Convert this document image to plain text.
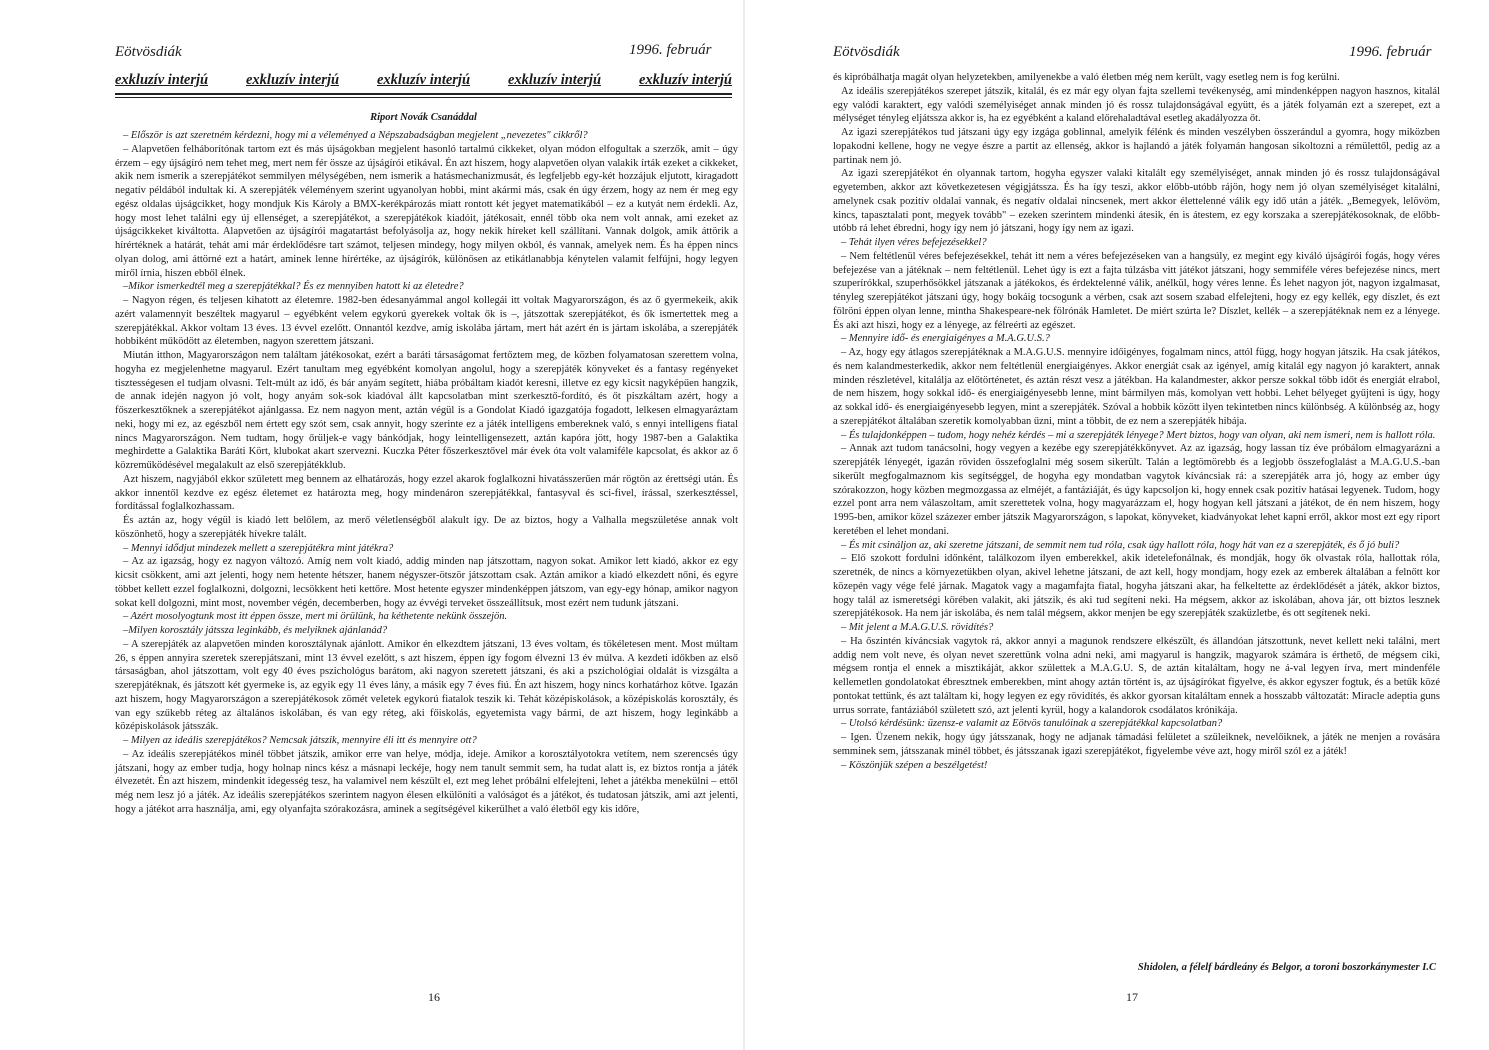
Eötvösdiák	1996. február
exkluzív interjú	exkluzív interjú	exkluzív interjú	exkluzív interjú	exkluzív interjú
Riport Novák Csanáddal

– Először is azt szeretném kérdezni, hogy mi a véleményed a Népszabadságban megjelent „nevezetes" cikkről?

– Alapvetően felháborítónak tartom ezt és más újságokban megjelent hasonló tartalmú cikkeket, olyan módon elfogultak a szerzők, amit – úgy érzem – egy újságíró nem tehet meg, mert nem fér össze az újságírói etikával. Én azt hiszem, hogy alapvetően olyan valakik írták ezeket a cikkeket, akik nem ismerik a szerepjátékot semmilyen mélységében, nem ismerik a hatásmechanizmusát, és legfeljebb egy-két hozzájuk eljutott, kiragadott negatív példából indultak ki. A szerepjáték véleményem szerint ugyanolyan hobbi, mint akármi más, csak én úgy érzem, hogy az nem ér meg egy egész oldalas újságcikket, hogy mondjuk Kis Károly a BMX-kerékpározás miatt rontott két jegyet matematikából – ez a kutyát nem érdekli. Az, hogy most lehet találni egy új ellenséget, a szerepjátékot, a szerepjátékok kiadóit, játékosait, ennél több oka nem volt annak, ami ezeket az újságcikkeket kiváltotta. Alapvetően az újságírói magatartást befolyásolja az, hogy nekik híreket kell szállítani. Vannak dolgok, amik áttörik a hírértéknek a határát, tehát ami már érdeklődésre tart számot, teljesen mindegy, hogy milyen okból, és vannak, amelyek nem. És ha éppen nincs olyan dolog, ami áttörné ezt a határt, aminek lenne hírértéke, az újságírók, különösen az etikátlanabbja kénytelen valamit felfújni, hogy legyen miről írnia, hiszen ebből élnek.

–Mikor ismerkedtél meg a szerepjátékkal? És ez mennyiben hatott ki az életedre?

– Nagyon régen, és teljesen kihatott az életemre. 1982-ben édesanyámmal angol kollegái itt voltak Magyarországon, és az ő gyermekeik, akik azért valamennyit beszéltek magyarul – egyébként velem egykorú gyerekek voltak ők is –, játszottak szerepjátékot, és ők ismertettek meg a szerepjátékkal. Akkor voltam 13 éves. 13 évvel ezelőtt. Onnantól kezdve, amíg iskolába jártam, mert hát azért én is jártam iskolába, a szerepjáték hobbiként működött az életemben, nagyon szerettem játszani.

Miután itthon, Magyarországon nem találtam játékosokat, ezért a baráti társaságomat fertőztem meg, de közben folyamatosan szerettem volna, hogyha ez megjelenhetne magyarul. Ezért tanultam meg egyébként komolyan angolul, hogy a szerepjáték könyveket és a fantasy regényeket tisztességesen el tudjam olvasni. Telt-múlt az idő, és bár anyám segített, hiába próbáltam kiadót keresni, illetve ez egy kicsit nagyképűen hangzik, de annak idején nagyon jó volt, hogy anyám sok-sok kiadóval állt kapcsolatban mint szerkesztő-fordító, és őt piszkáltam azért, hogy a főszerkesztőknek a szerepjátékot ajánlgassa. Ez nem nagyon ment, aztán végül is a Gondolat Kiadó igazgatója fogadott, lelkesen elmagyaráztam neki, hogy mi ez, az egészből nem értett egy szót sem, csak annyit, hogy szerinte ez a játék intelligens embereknek való, s ennyi intelligens fiatal nincs Magyarországon. Nem tudtam, hogy őrüljek-e vagy bánkódjak, hogy leintelligensezett, aztán kapóra jött, hogy 1987-ben a Galaktika meghirdette a Galaktika Baráti Kört, klubokat akart szervezni. Kuczka Péter főszerkesztővel már évek óta volt valamiféle kapcsolat, és akkor az ő közreműködésével megalakult az első szerepjátékklub.

Azt hiszem, nagyjából ekkor született meg bennem az elhatározás, hogy ezzel akarok foglalkozni hivatásszerűen már rögtön az érettségi után. És akkor innentől kezdve ez egész életemet ez határozta meg, hogy mindenáron szerepjátékkal, fantasyval és sci-fivel, írással, szerkesztéssel, fordítással foglalkozhassam.

És aztán az, hogy végül is kiadó lett belőlem, az merő véletlenségből alakult így. De az biztos, hogy a Valhalla megszületése annak volt köszönhető, hogy a szerepjáték hívekre talált.

– Mennyi idődjut mindezek mellett a szerepjátékra mint játékra?

– Az az igazság, hogy ez nagyon változó. Amíg nem volt kiadó, addig minden nap játszottam, nagyon sokat. Amikor lett kiadó, akkor ez egy kicsit csökkent, ami azt jelenti, hogy nem hetente hétszer, hanem négyszer-ötször játszottam csak. Aztán amikor a kiadó elkezdett nőni, és egyre többet kellett ezzel foglalkozni, dolgozni, lecsökkent heti kettőre. Most hetente egyszer mindenképpen játszom, van egy-egy hónap, amikor nagyon sokat kell dolgozni, mint most, november végén, decemberben, hogy az évvégi terveket összeállítsuk, most ezért nem tudunk játszani.

– Azért mosolyogtunk most itt éppen össze, mert mi örülünk, ha kéthetente nekünk összejön.

–Milyen korosztály játssza leginkább, és melyiknek ajánlanád?

– A szerepjáték az alapvetően minden korosztálynak ajánlott. Amikor én elkezdtem játszani, 13 éves voltam, és tökéletesen ment. Most múltam 26, s éppen annyira szeretek szerepjátszani, mint 13 évvel ezelőtt, s azt hiszem, éppen így fogom élvezni 13 év múlva. A kezdeti időkben az első társaságban, ahol játszottam, volt egy 40 éves pszichológus barátom, aki nagyon szeretett játszani, és aki a pszichológiai oldalát is vizsgálta a szerepjátéknak, és játszott két gyermeke is, az egyik egy 11 éves lány, a másik egy 7 éves fiú. Én azt hiszem, hogy nincs korhatárhoz kötve. Igazán azt hiszem, hogy Magyarországon a szerepjátékosok zömét veletek egykorú fiatalok teszik ki. Tehát középiskolások, a középiskolás korosztály, és van egy szűkebb réteg az általános iskolában, és van egy réteg, aki főiskolás, egyetemista vagy bármi, de azt hiszem, hogy leginkább a középiskolások játsszák.

– Milyen az ideális szerepjátékos? Nemcsak játszik, mennyire éli itt és mennyire ott?

– Az ideális szerepjátékos minél többet játszik, amikor erre van helye, módja, ideje. Amikor a korosztályotokra vetítem, nem szerencsés úgy játszani, hogy az ember tudja, hogy holnap nincs kész a másnapi leckéje, hogy nem tanult semmit sem, ha tudat alatt is, ez biztos rontja a játék élvezetét. Én azt hiszem, mindenkit idegesség tesz, ha valamivel nem készült el, ezt meg lehet próbálni elfelejteni, lehet a játékba menekülni – ettől még nem lesz jó a játék. Az ideális szerepjátékos szerintem nagyon élesen elkülöníti a valóságot és a játékot, és tudatosan játszik, ami azt jelenti, hogy a játékot arra használja, ami, egy olyanfajta szórakozásra, aminek a segítségével kikerülhet a való életből egy kis időre,

16
Eötvösdiák	1996. február

és kipróbálhatja magát olyan helyzetekben, amilyenekbe a való életben még nem került, vagy esetleg nem is fog kerülni.

Az ideális szerepjátékos szerepet játszik, kitalál, és ez már egy olyan fajta szellemi tevékenység, ami mindenképpen nagyon hasznos, kitalál egy valódi karaktert, egy valódi személyiséget annak minden jó és rossz tulajdonságával együtt, és a játék folyamán ezt a szerepet, ezt a mélységet tényleg eljátssza akkor is, ha ez egyébként a kaland előrehaladtával esetleg akadályozza őt.

Az igazi szerepjátékos tud játszani úgy egy izgága goblinnal, amelyik félénk és minden veszélyben összerándul a gyomra, hogy miközben lopakodni kellene, hogy ne vegye észre a partit az ellenség, akkor is hajlandó a játék folyamán hangosan sikoltozni a rémülettől, pedig az a partinak nem jó.

Az igazi szerepjátékot én olyannak tartom, hogyha egyszer valaki kitalált egy személyiséget, annak minden jó és rossz tulajdonságával egyetemben, akkor azt következetesen végigjátssza. És ha így teszi, akkor előbb-utóbb rájön, hogy nem jó olyan személyiséget kitalálni, amelynek csak pozitív oldalai vannak, és negatív oldalai nincsenek, mert akkor élettelenné válik egy idő után a játék. „Bemegyek, lelövöm, kincs, tapasztalati pont, megyek tovább" – ezeken szerintem mindenki átesik, én is átestem, ez egy korszaka a szerepjátékosoknak, de előbb-utóbb rá lehet ébredni, hogy így nem jó játszani, hogy így nem az igazi.

– Tehát ilyen véres befejezésekkel?

– Nem feltétlenül véres befejezésekkel, tehát itt nem a véres befejezéseken van a hangsúly, ez megint egy kiváló újságírói fogás, hogy véres befejezése van a játéknak – nem feltétlenül. Lehet úgy is ezt a fajta túlzásba vitt játékot játszani, hogy semmiféle véres befejezése nincs, mert szuperírókkal, szuperhősökkel játszanak a játékokos, és érdektelenné válik, anélkül, hogy véres lenne. És lehet nagyon jót, nagyon izgalmasat, tényleg szerepjátékot játszani úgy, hogy bokáig tocsogunk a vérben, csak azt sosem szabad elfelejteni, hogy ez egy kellék, egy díszlet, és ezt fölröni éppen olyan lenne, mintha Shakespeare-nek fölrónák Hamletet. De miért szúrta le? Díszlet, kellék – a szerepjátéknak nem ez a lényege. És aki azt hiszi, hogy ez a lényege, az félreérti az egészet.

– Mennyire idő- és energiaigényes a M.A.G.U.S.?

– Az, hogy egy átlagos szerepjátéknak a M.A.G.U.S. mennyire időigényes, fogalmam nincs, attól függ, hogy hogyan játszik. Ha csak játékos, és nem kalandmesterkedik, akkor nem feltétlenül energiaigényes. Akkor energiát csak az igényel, amíg kitalál egy nagyon jó karaktert, annak minden részletével, kitalálja az előtörténetet, és aztán részt vesz a játékban. Ha kalandmester, akkor persze sokkal több időt és energiát elrabol, de nem hiszem, hogy sokkal idő- és energiaigényesebb lenne, mint bármilyen más, komolyan vett hobbi. Lehet bélyeget gyűjteni is úgy, hogy az sokkal idő- és energiaigényesebb legyen, mint a szerepjáték. Szóval a hobbik között ilyen tekintetben nincs különbség. A különbség az, hogy a szerepjátékot általában szeretik komolyabban űzni, mint a többit, de ez nem a szerepjáték hibája.

– És tulajdonképpen – tudom, hogy nehéz kérdés – mi a szerepjáték lényege? Mert biztos, hogy van olyan, aki nem ismeri, nem is hallott róla.

– Annak azt tudom tanácsolni, hogy vegyen a kezébe egy szerepjátékkönyvet. Az az igazság, hogy lassan tíz éve próbálom elmagyarázni a szerepjáték lényegét, igazán röviden összefoglalni még sosem sikerült. Talán a legtömörebb és a legjobb összefoglalást a M.A.G.U.S.-ban sikerült megfogalmaznom kis segítséggel, de hogyha egy mondatban vagytok kíváncsiak rá: a szerepjáték arra jó, hogy az ember úgy szórakozzon, hogy közben megmozgassa az elméjét, a fantáziáját, és úgy kapcsoljon ki, hogy ennek csak pozitív hatásai legyenek. Tudom, hogy ezzel pont arra nem válaszoltam, amit szerettetek volna, hogy magyarázzam el, hogy hogyan kell játszani a játékot, de én nem hiszem, hogy 1995-ben, amikor közel százezer ember játszik Magyarországon, s lapokat, könyveket, kiadványokat lehet kapni erről, akkor most ezt egy riport keretében el lehet mondani.

– És mit csináljon az, aki szeretne játszani, de semmit nem tud róla, csak úgy hallott róla, hogy hát van ez a szerepjáték, és ő jó buli?

– Elő szokott fordulni időnként, találkozom ilyen emberekkel, akik idetelefonálnak, és mondják, hogy ők olvastak róla, hallottak róla, szeretnék, de nincs a környezetükben olyan, akivel lehetne játszani, de azt kell, hogy mondjam, hogy ezek az emberek általában a felnőtt kor közepén vagy vége felé járnak. Magatok vagy a magamfajta fiatal, hogyha játszani akar, ha felkeltette az érdeklődését a játék, akkor biztos, hogy talál az ismeretségi körében valakit, aki játszik, és aki tud segíteni neki. Ha mégsem, akkor az iskolában, ahova jár, ott biztos lesznek szerepjátékosok. Ha nem jár iskolába, és nem talál mégsem, akkor menjen be egy szerepjáték szaküzletbe, és ott segítenek neki.

– Mit jelent a M.A.G.U.S. rövidítés?

– Ha őszintén kíváncsiak vagytok rá, akkor annyi a magunok rendszere elkészült, és állandóan játszottunk, nevet kellett neki találni, mert addig nem volt neve, és olyan nevet szerettünk volna adni neki, ami magyarul is hangzik, magyarok számára is érthető, de mégsem ciki, mégsem rontja el ennek a misztikáját, akkor születtek a M.A.G.U. S, de aztán kitaláltam, hogy ne á-val legyen írva, mert mindenféle kellemetlen gondolatokat ébresztnek emberekben, mint ahogy aztán történt is, az újságírókat figyelve, és akkor egyszer fogtuk, és a betűk közé pontokat tettünk, és azt találtam ki, hogy legyen ez egy rövidítés, és akkor gyorsan kitaláltam ennek a hosszabb változatát: Miracle adeptia guns urrus sorrate, fantáziából született szó, azt jelenti kyrül, hogy a kalandorok csodálatos krónikája.

– Utolsó kérdésünk: üzensz-e valamit az Eötvös tanulóinak a szerepjátékkal kapcsolatban?

– Igen. Üzenem nekik, hogy úgy játsszanak, hogy ne adjanak támadási felületet a szüleiknek, nevelőiknek, a játék ne menjen a rovására semminek sem, játsszanak minél többet, és játsszanak igazi szerepjátékot, figyelembe véve azt, hogy miről szól ez a játék!

– Köszönjük szépen a beszélgetést!

Shidolen, a félelf bárdleány és Belgor, a toroni boszorkánymester I.C
17
